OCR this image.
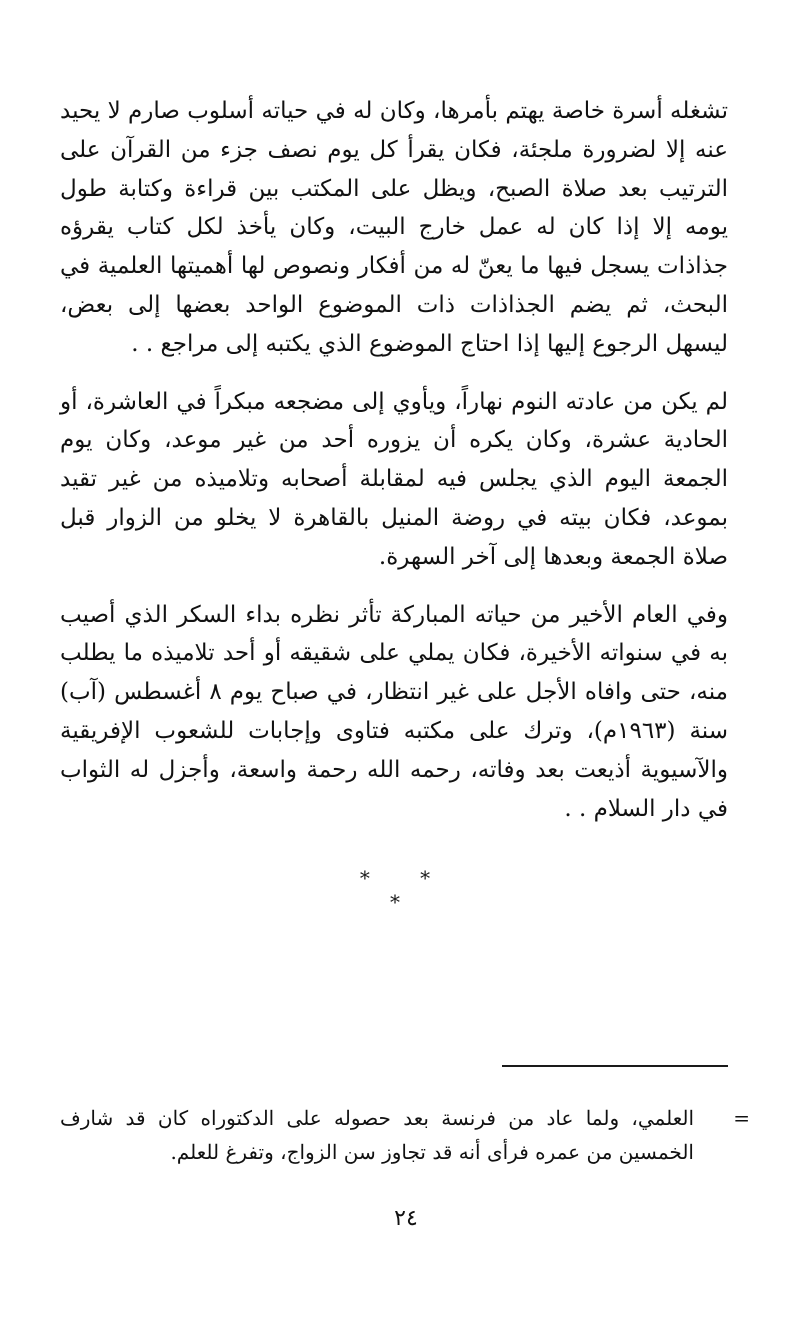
تشغله أسرة خاصة يهتم بأمرها، وكان له في حياته أسلوب صارم لا يحيد عنه إلا لضرورة ملجئة، فكان يقرأ كل يوم نصف جزء من القرآن على الترتيب بعد صلاة الصبح، ويظل على المكتب بين قراءة وكتابة طول يومه إلا إذا كان له عمل خارج البيت، وكان يأخذ لكل كتاب يقرؤه جذاذات يسجل فيها ما يعنّ له من أفكار ونصوص لها أهميتها العلمية في البحث، ثم يضم الجذاذات ذات الموضوع الواحد بعضها إلى بعض، ليسهل الرجوع إليها إذا احتاج الموضوع الذي يكتبه إلى مراجع . .

لم يكن من عادته النوم نهاراً، ويأوي إلى مضجعه مبكراً في العاشرة، أو الحادية عشرة، وكان يكره أن يزوره أحد من غير موعد، وكان يوم الجمعة اليوم الذي يجلس فيه لمقابلة أصحابه وتلاميذه من غير تقيد بموعد، فكان بيته في روضة المنيل بالقاهرة لا يخلو من الزوار قبل صلاة الجمعة وبعدها إلى آخر السهرة.

وفي العام الأخير من حياته المباركة تأثر نظره بداء السكر الذي أصيب به في سنواته الأخيرة، فكان يملي على شقيقه أو أحد تلاميذه ما يطلب منه، حتى وافاه الأجل على غير انتظار، في صباح يوم ٨ أغسطس (آب) سنة (١٩٦٣م)، وترك على مكتبه فتاوى وإجابات للشعوب الإفريقية والآسيوية أذيعت بعد وفاته، رحمه الله رحمة واسعة، وأجزل له الثواب في دار السلام . .

* * *
=

العلمي، ولما عاد من فرنسة بعد حصوله على الدكتوراه كان قد شارف الخمسين من عمره فرأى أنه قد تجاوز سن الزواج، وتفرغ للعلم.

٢٤
